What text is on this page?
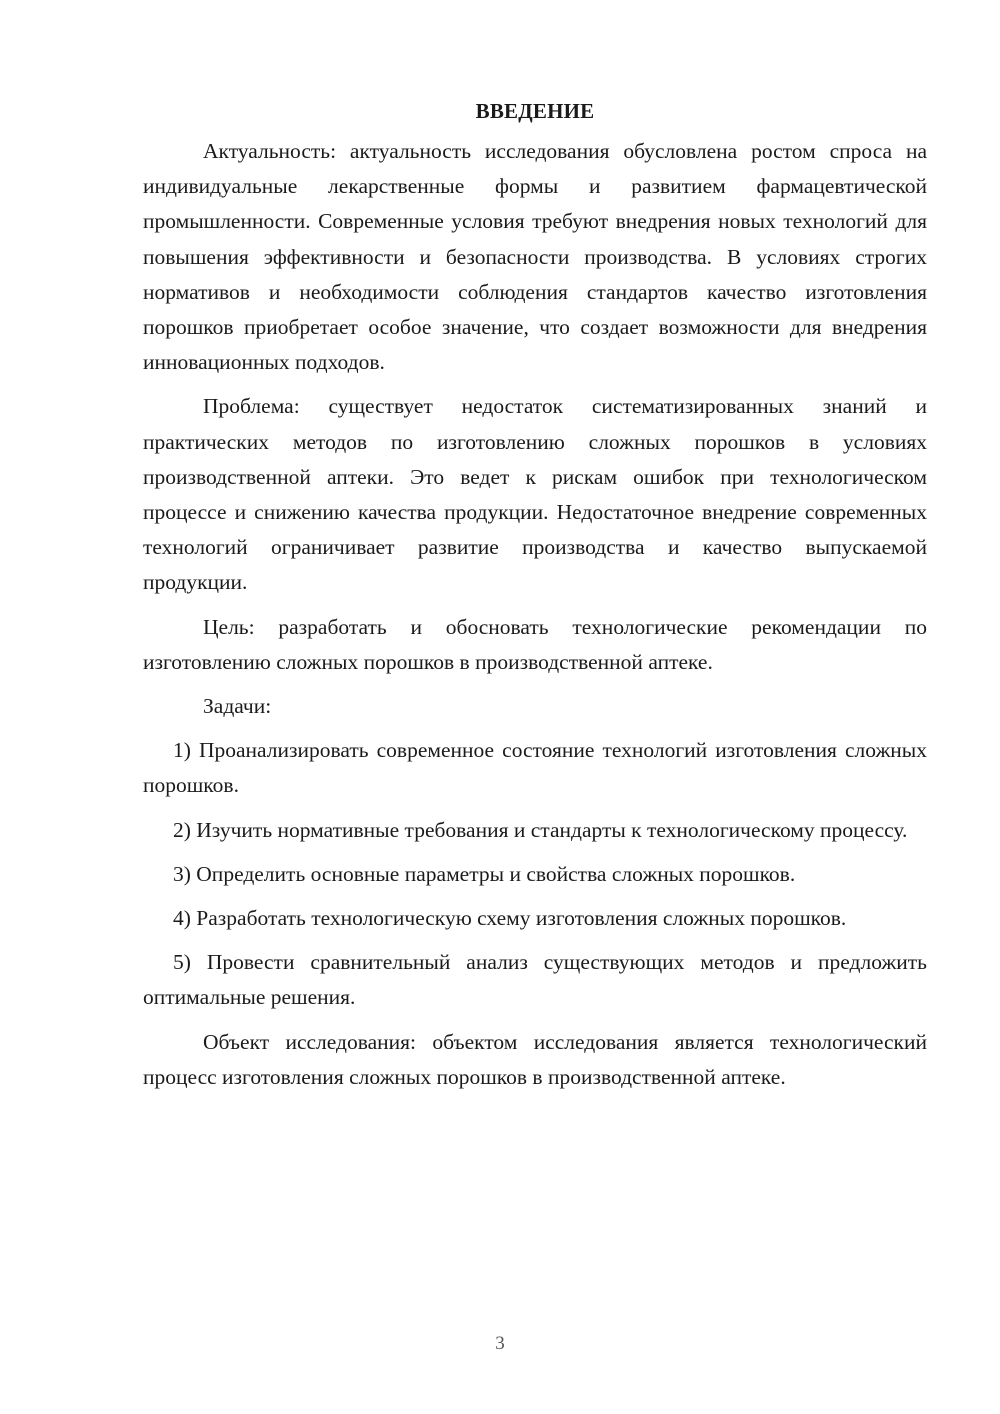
ВВЕДЕНИЕ

Актуальность: актуальность исследования обусловлена ростом спроса на индивидуальные лекарственные формы и развитием фармацевтической промышленности. Современные условия требуют внедрения новых технологий для повышения эффективности и безопасности производства. В условиях строгих нормативов и необходимости соблюдения стандартов качество изготовления порошков приобретает особое значение, что создает возможности для внедрения инновационных подходов.

Проблема: существует недостаток систематизированных знаний и практических методов по изготовлению сложных порошков в условиях производственной аптеки. Это ведет к рискам ошибок при технологическом процессе и снижению качества продукции. Недостаточное внедрение современных технологий ограничивает развитие производства и качество выпускаемой продукции.

Цель: разработать и обосновать технологические рекомендации по изготовлению сложных порошков в производственной аптеке.

Задачи:

1) Проанализировать современное состояние технологий изготовления сложных порошков.

2) Изучить нормативные требования и стандарты к технологическому процессу.

3) Определить основные параметры и свойства сложных порошков.

4) Разработать технологическую схему изготовления сложных порошков.

5) Провести сравнительный анализ существующих методов и предложить оптимальные решения.

Объект исследования: объектом исследования является технологический процесс изготовления сложных порошков в производственной аптеке.

3
